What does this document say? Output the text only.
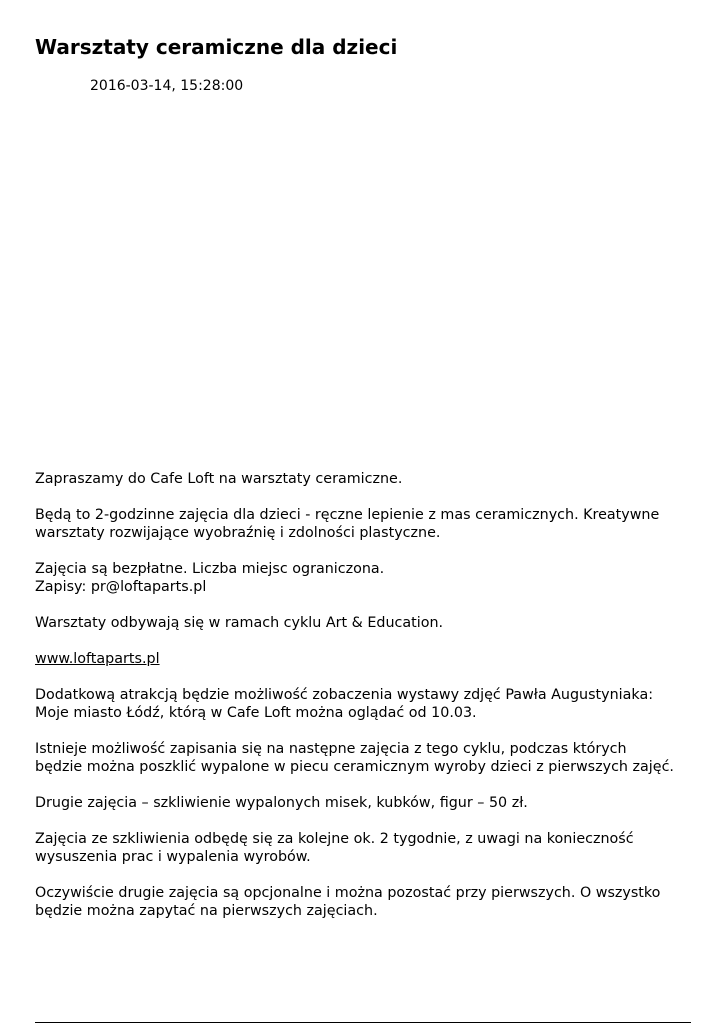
Warsztaty ceramiczne dla dzieci
2016-03-14, 15:28:00

Zapraszamy do Cafe Loft na warsztaty ceramiczne.

Będą to 2-godzinne zajęcia dla dzieci - ręczne lepienie z mas ceramicznych. Kreatywne
warsztaty rozwijające wyobraźnię i zdolności plastyczne.

Zajęcia są bezpłatne. Liczba miejsc ograniczona.
Zapisy: pr@loftaparts.pl

Warsztaty odbywają się w ramach cyklu Art & Education.

www.loftaparts.pl

Dodatkową atrakcją będzie możliwość zobaczenia wystawy zdjęć Pawła Augustyniaka:
Moje miasto Łódź, którą w Cafe Loft można oglądać od 10.03.

Istnieje możliwość zapisania się na następne zajęcia z tego cyklu, podczas których
będzie można poszklić wypalone w piecu ceramicznym wyroby dzieci z pierwszych zajęć.

Drugie zajęcia – szkliwienie wypalonych misek, kubków, figur – 50 zł.

Zajęcia ze szkliwienia odbędę się za kolejne ok. 2 tygodnie, z uwagi na konieczność
wysuszenia prac i wypalenia wyrobów.

Oczywiście drugie zajęcia są opcjonalne i można pozostać przy pierwszych. O wszystko
będzie można zapytać na pierwszych zajęciach.
